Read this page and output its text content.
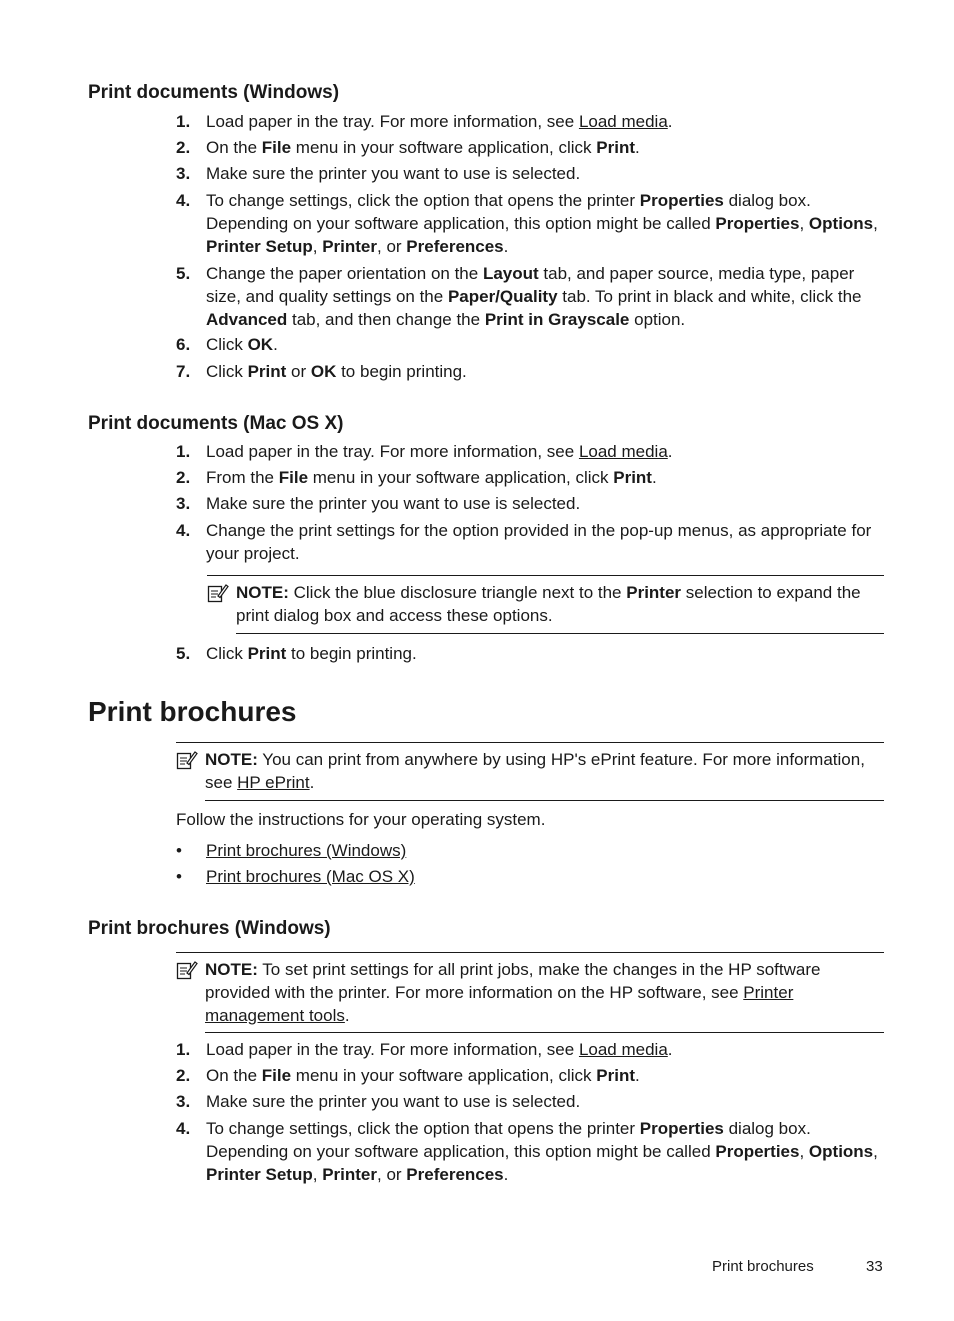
Print documents (Windows)
1. Load paper in the tray. For more information, see Load media.
2. On the File menu in your software application, click Print.
3. Make sure the printer you want to use is selected.
4. To change settings, click the option that opens the printer Properties dialog box. Depending on your software application, this option might be called Properties, Options, Printer Setup, Printer, or Preferences.
5. Change the paper orientation on the Layout tab, and paper source, media type, paper size, and quality settings on the Paper/Quality tab. To print in black and white, click the Advanced tab, and then change the Print in Grayscale option.
6. Click OK.
7. Click Print or OK to begin printing.
Print documents (Mac OS X)
1. Load paper in the tray. For more information, see Load media.
2. From the File menu in your software application, click Print.
3. Make sure the printer you want to use is selected.
4. Change the print settings for the option provided in the pop-up menus, as appropriate for your project.
NOTE: Click the blue disclosure triangle next to the Printer selection to expand the print dialog box and access these options.
5. Click Print to begin printing.
Print brochures
NOTE: You can print from anywhere by using HP's ePrint feature. For more information, see HP ePrint.
Follow the instructions for your operating system.
• Print brochures (Windows)
• Print brochures (Mac OS X)
Print brochures (Windows)
NOTE: To set print settings for all print jobs, make the changes in the HP software provided with the printer. For more information on the HP software, see Printer management tools.
1. Load paper in the tray. For more information, see Load media.
2. On the File menu in your software application, click Print.
3. Make sure the printer you want to use is selected.
4. To change settings, click the option that opens the printer Properties dialog box. Depending on your software application, this option might be called Properties, Options, Printer Setup, Printer, or Preferences.
Print brochures	33
